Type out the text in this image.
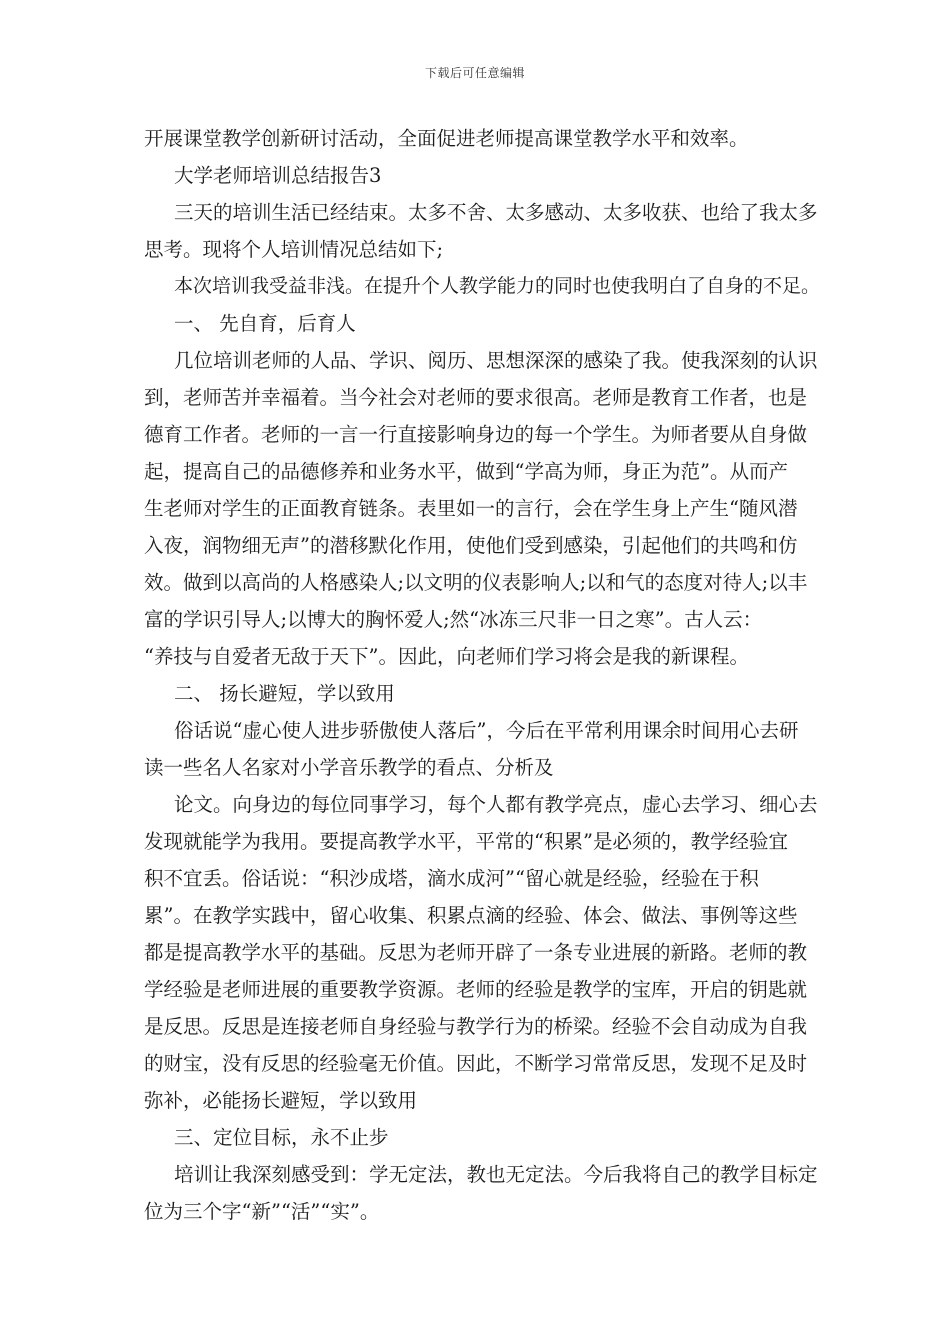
下载后可任意编辑
开展课堂教学创新研讨活动，全面促进老师提高课堂教学水平和效率。
大学老师培训总结报告3
三天的培训生活已经结束。太多不舍、太多感动、太多收获、也给了我太多
思考。现将个人培训情况总结如下;
本次培训我受益非浅。在提升个人教学能力的同时也使我明白了自身的不足。
一、 先自育，后育人
几位培训老师的人品、学识、阅历、思想深深的感染了我。使我深刻的认识
到，老师苦并幸福着。当今社会对老师的要求很高。老师是教育工作者，也是
德育工作者。老师的一言一行直接影响身边的每一个学生。为师者要从自身做
起，提高自己的品德修养和业务水平，做到“学高为师，身正为范”。从而产
生老师对学生的正面教育链条。表里如一的言行，会在学生身上产生“随风潜
入夜，润物细无声”的潜移默化作用，使他们受到感染，引起他们的共鸣和仿
效。做到以高尚的人格感染人;以文明的仪表影响人;以和气的态度对待人;以丰
富的学识引导人;以博大的胸怀爱人;然“冰冻三尺非一日之寒”。古人云：
“养技与自爱者无敌于天下”。因此，向老师们学习将会是我的新课程。
二、 扬长避短，学以致用
俗话说“虚心使人进步骄傲使人落后”，今后在平常利用课余时间用心去研
读一些名人名家对小学音乐教学的看点、分析及
论文。向身边的每位同事学习，每个人都有教学亮点，虚心去学习、细心去
发现就能学为我用。要提高教学水平，平常的“积累”是必须的，教学经验宜
积不宜丢。俗话说：“积沙成塔，滴水成河”“留心就是经验，经验在于积
累”。在教学实践中，留心收集、积累点滴的经验、体会、做法、事例等这些
都是提高教学水平的基础。反思为老师开辟了一条专业进展的新路。老师的教
学经验是老师进展的重要教学资源。老师的经验是教学的宝库，开启的钥匙就
是反思。反思是连接老师自身经验与教学行为的桥梁。经验不会自动成为自我
的财宝，没有反思的经验毫无价值。因此，不断学习常常反思，发现不足及时
弥补，必能扬长避短，学以致用
三、定位目标，永不止步
培训让我深刻感受到：学无定法，教也无定法。今后我将自己的教学目标定
位为三个字“新”“活”“实”。
